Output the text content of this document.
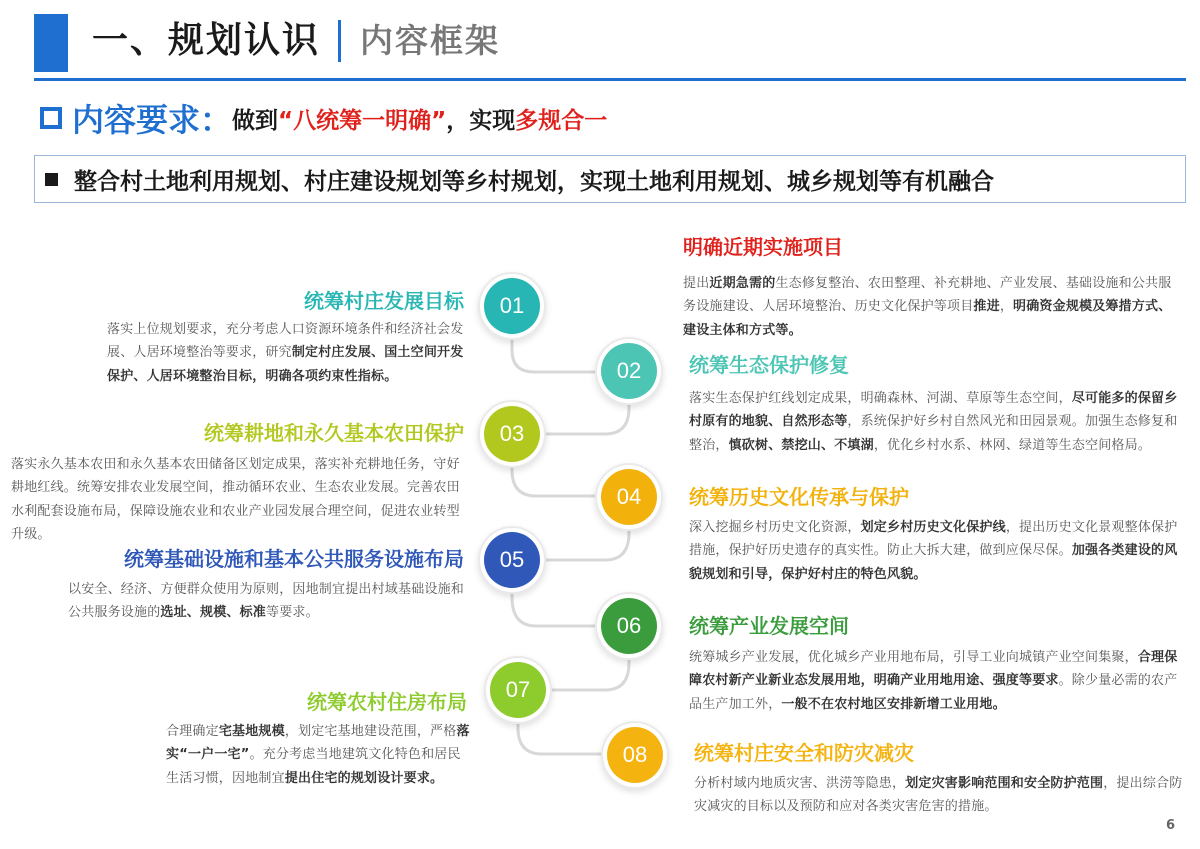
一、规划认识 内容框架
内容要求： 做到 “八统筹一明确” ，实现 多规合一
整合 村土地利用规划、村庄建设规划 等乡村规划，实现土地利用规划、城乡规划等有机融合
01
02
03
04
05
06
07
08
明确近期实施项目
提出近期急需的生态修复整治、农田整理、补充耕地、产业发展、基础设施和公共服务设施建设、人居环境整治、历史文化保护等项目推进，明确资金规模及筹措方式、建设主体和方式等。
统筹村庄发展目标
落实上位规划要求，充分考虑人口资源环境条件和经济社会发展、人居环境整治等要求，研究制定村庄发展、国土空间开发保护、人居环境整治目标，明确各项约束性指标。	统筹生态保护修复
落实生态保护红线划定成果，明确森林、河湖、草原等生态空间，尽可能多的保留乡村原有的地貌、自然形态等，系统保护好乡村自然风光和田园景观。加强生态修复和整治，慎砍树、禁挖山、不填湖，优化乡村水系、林网、绿道等生态空间格局。
统筹耕地和永久基本农田保护
落实永久基本农田和永久基本农田储备区划定成果，落实补充耕地任务，守好耕地红线。统筹安排农业发展空间，推动循环农业、生态农业发展。完善农田水利配套设施布局，保障设施农业和农业产业园发展合理空间，促进农业转型升级。
统筹历史文化传承与保护
深入挖掘乡村历史文化资源，划定乡村历史文化保护线，提出历史文化景观整体保护措施，保护好历史遗存的真实性。防止大拆大建，做到应保尽保。加强各类建设的风貌规划和引导，保护好村庄的特色风貌。
统筹基础设施和基本公共服务设施布局
以安全、经济、方便群众使用为原则，因地制宜提出村域基础设施和公共服务设施的选址、规模、标准等要求。
统筹产业发展空间
统筹城乡产业发展，优化城乡产业用地布局，引导工业向城镇产业空间集聚，合理保障农村新产业新业态发展用地，明确产业用地用途、强度等要求。除少量必需的农产品生产加工外，一般不在农村地区安排新增工业用地。
统筹农村住房布局
合理确定宅基地规模，划定宅基地建设范围，严格落实“一户一宅”。充分考虑当地建筑文化特色和居民生活习惯，因地制宜提出住宅的规划设计要求。
统筹村庄安全和防灾减灾
分析村域内地质灾害、洪涝等隐患，划定灾害影响范围和安全防护范围，提出综合防灾减灾的目标以及预防和应对各类灾害危害的措施。
6
